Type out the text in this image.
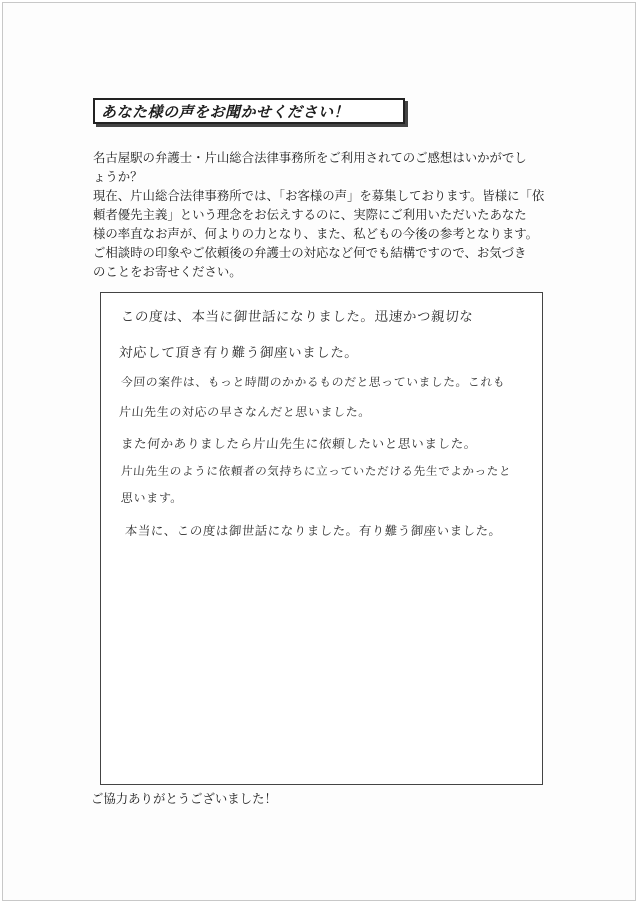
あなた様の声をお聞かせください！

名古屋駅の弁護士・片山総合法律事務所をご利用されてのご感想はいかがでし

ょうか？

現在、片山総合法律事務所では、「お客様の声」を募集しております。皆様に「依

頼者優先主義」という理念をお伝えするのに、実際にご利用いただいたあなた

様の率直なお声が、何よりの力となり、また、私どもの今後の参考となります。

ご相談時の印象やご依頼後の弁護士の対応など何でも結構ですので、お気づき

のことをお寄せください。

この度は、本当に御世話になりました。迅速かつ親切な
対応して頂き有り難う御座いました。
今回の案件は、もっと時間のかかるものだと思っていました。これも
片山先生の対応の早さなんだと思いました。
また何かありましたら片山先生に依頼したいと思いました。
片山先生のように依頼者の気持ちに立っていただける先生でよかったと
思います。
本当に、この度は御世話になりました。有り難う御座いました。
ご協力ありがとうございました！
